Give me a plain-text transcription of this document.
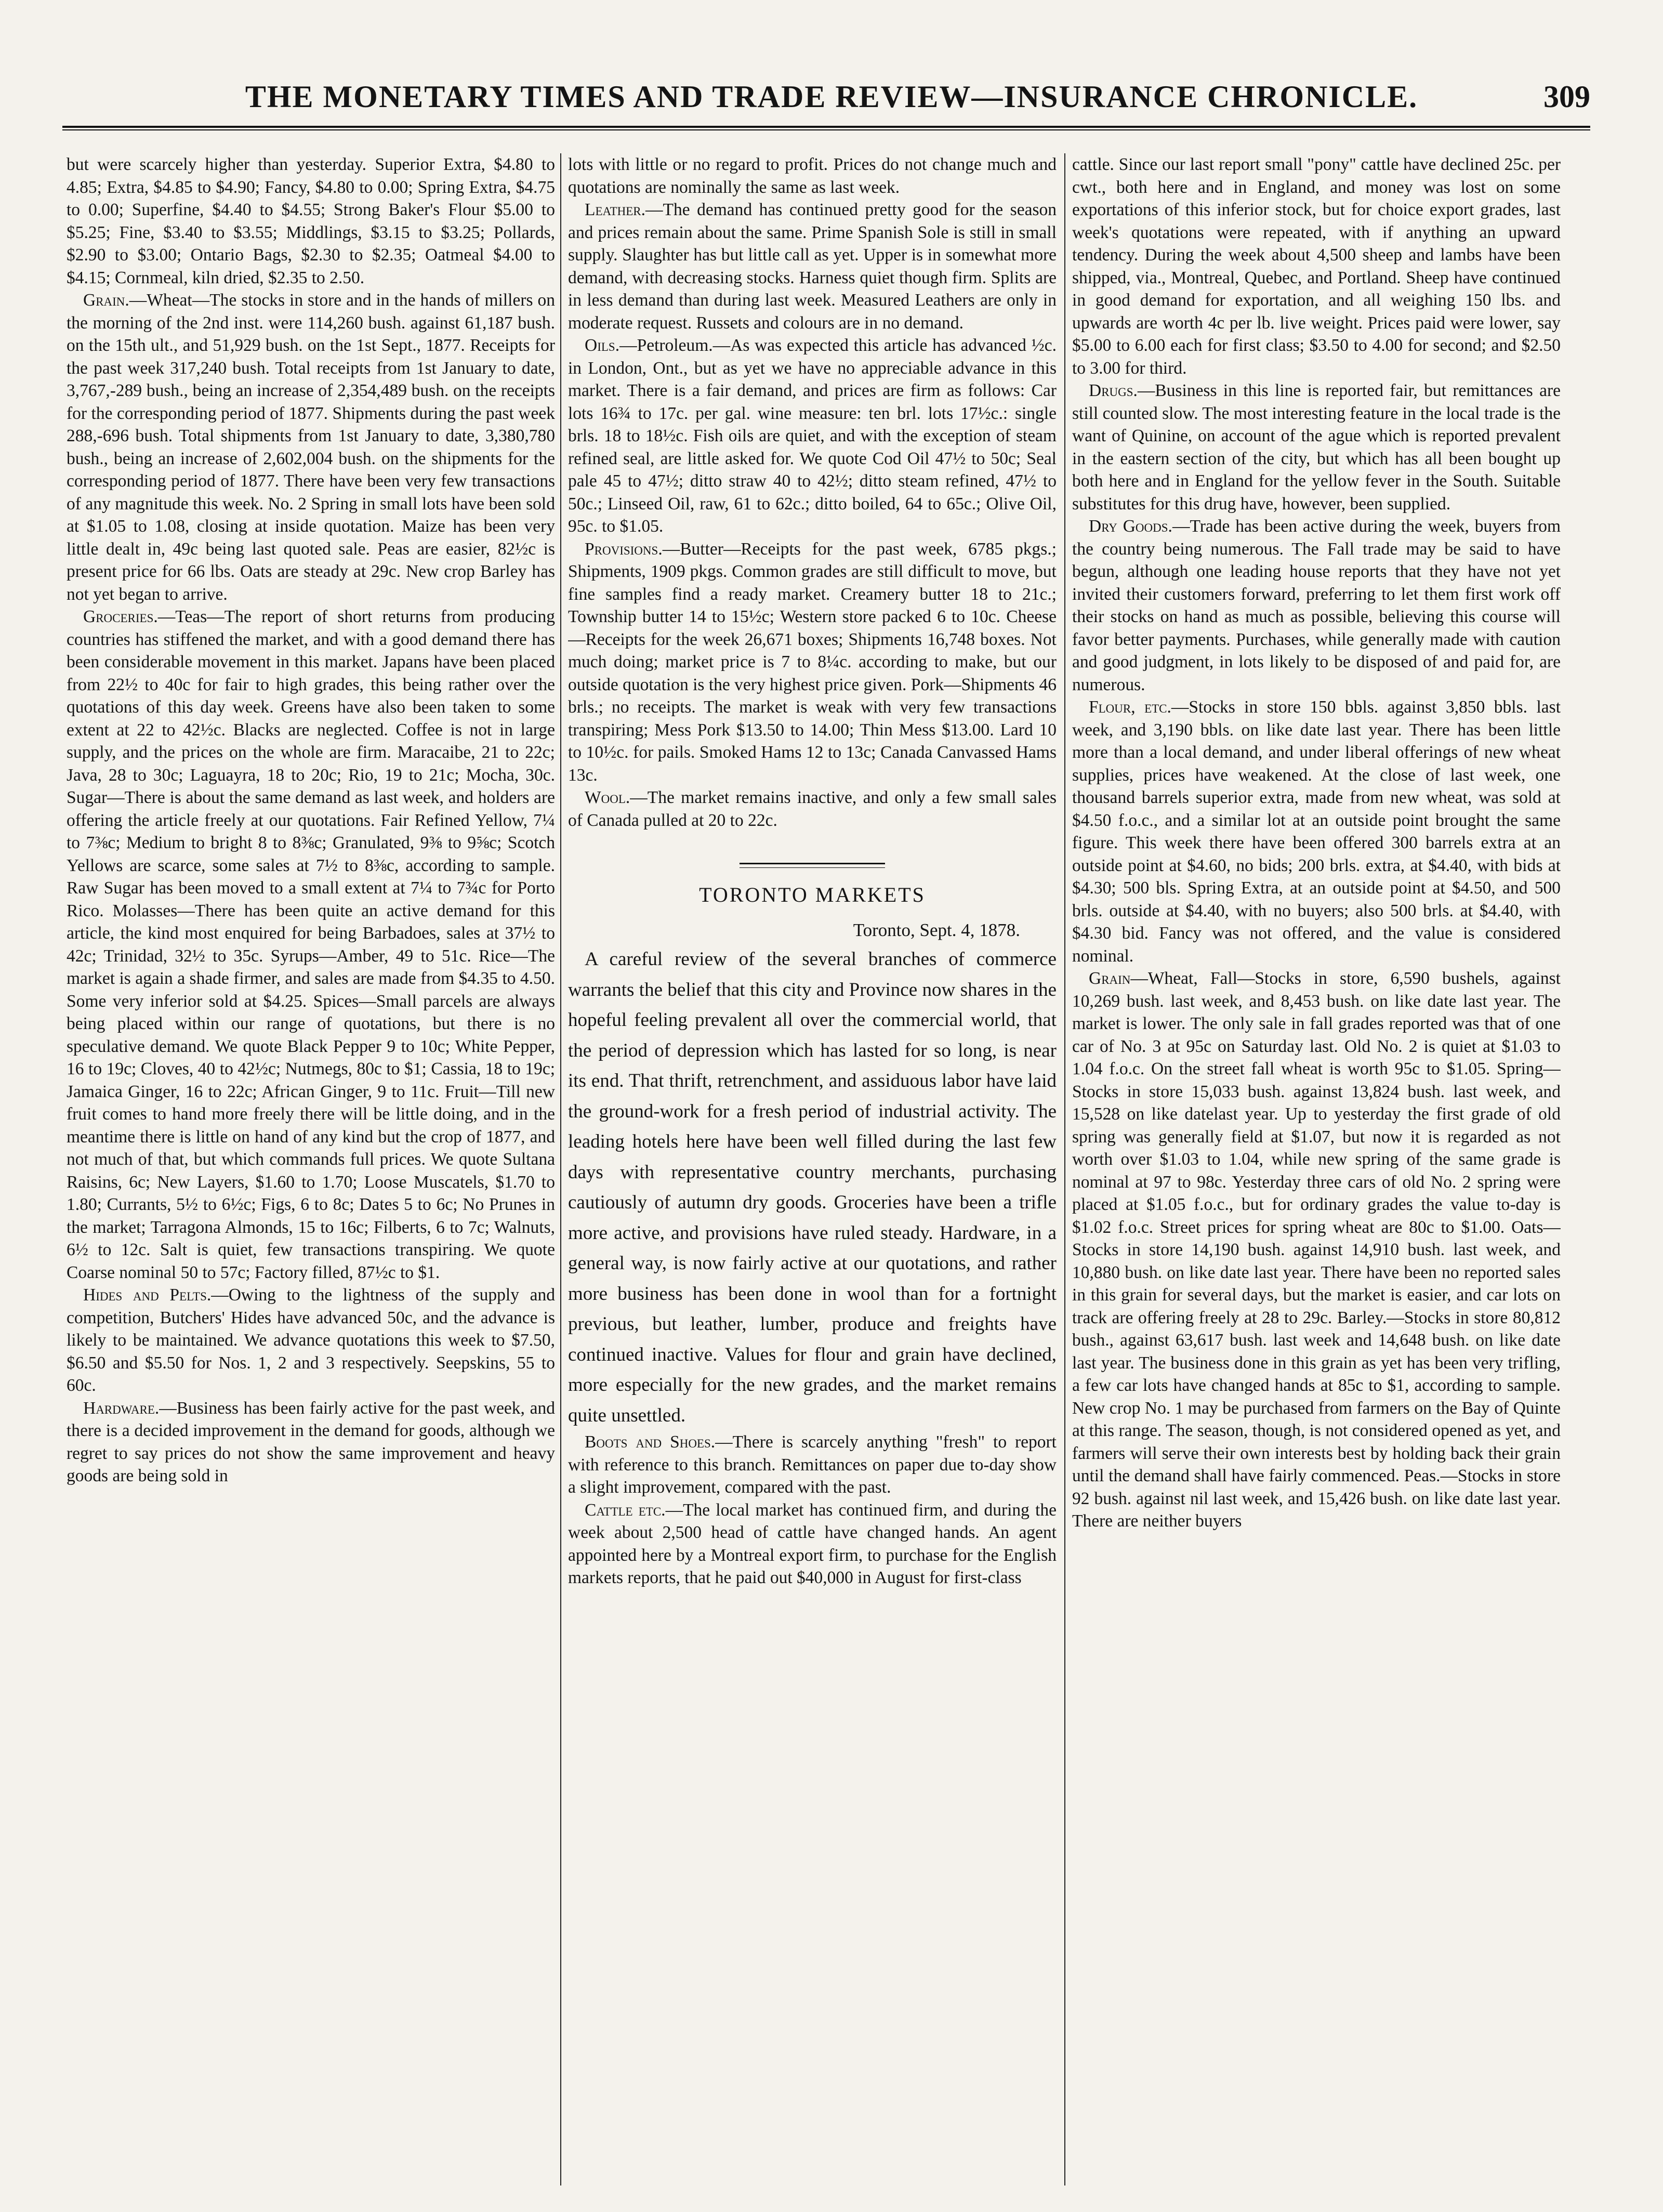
THE MONETARY TIMES AND TRADE REVIEW—INSURANCE CHRONICLE.	309

but were scarcely higher than yesterday. Superior Extra, $4.80 to 4.85; Extra, $4.85 to $4.90; Fancy, $4.80 to 0.00; Spring Extra, $4.75 to 0.00; Superfine, $4.40 to $4.55; Strong Baker's Flour $5.00 to $5.25; Fine, $3.40 to $3.55; Middlings, $3.15 to $3.25; Pollards, $2.90 to $3.00; Ontario Bags, $2.30 to $2.35; Oatmeal $4.00 to $4.15; Cornmeal, kiln dried, $2.35 to 2.50.

Grain.—Wheat—The stocks in store and in the hands of millers on the morning of the 2nd inst. were 114,260 bush. against 61,187 bush. on the 15th ult., and 51,929 bush. on the 1st Sept., 1877. Receipts for the past week 317,240 bush. Total receipts from 1st January to date, 3,767,-289 bush., being an increase of 2,354,489 bush. on the receipts for the corresponding period of 1877. Shipments during the past week 288,-696 bush. Total shipments from 1st January to date, 3,380,780 bush., being an increase of 2,602,004 bush. on the shipments for the corresponding period of 1877. There have been very few transactions of any magnitude this week. No. 2 Spring in small lots have been sold at $1.05 to 1.08, closing at inside quotation. Maize has been very little dealt in, 49c being last quoted sale. Peas are easier, 82½c is present price for 66 lbs. Oats are steady at 29c. New crop Barley has not yet began to arrive.

Groceries.—Teas—The report of short returns from producing countries has stiffened the market, and with a good demand there has been considerable movement in this market. Japans have been placed from 22½ to 40c for fair to high grades, this being rather over the quotations of this day week. Greens have also been taken to some extent at 22 to 42½c. Blacks are neglected. Coffee is not in large supply, and the prices on the whole are firm. Maracaibe, 21 to 22c; Java, 28 to 30c; Laguayra, 18 to 20c; Rio, 19 to 21c; Mocha, 30c. Sugar—There is about the same demand as last week, and holders are offering the article freely at our quotations. Fair Refined Yellow, 7¼ to 7⅜c; Medium to bright 8 to 8⅜c; Granulated, 9⅜ to 9⅝c; Scotch Yellows are scarce, some sales at 7½ to 8⅜c, according to sample. Raw Sugar has been moved to a small extent at 7¼ to 7¾c for Porto Rico. Molasses—There has been quite an active demand for this article, the kind most enquired for being Barbadoes, sales at 37½ to 42c; Trinidad, 32½ to 35c. Syrups—Amber, 49 to 51c. Rice—The market is again a shade firmer, and sales are made from $4.35 to 4.50. Some very inferior sold at $4.25. Spices—Small parcels are always being placed within our range of quotations, but there is no speculative demand. We quote Black Pepper 9 to 10c; White Pepper, 16 to 19c; Cloves, 40 to 42½c; Nutmegs, 80c to $1; Cassia, 18 to 19c; Jamaica Ginger, 16 to 22c; African Ginger, 9 to 11c. Fruit—Till new fruit comes to hand more freely there will be little doing, and in the meantime there is little on hand of any kind but the crop of 1877, and not much of that, but which commands full prices. We quote Sultana Raisins, 6c; New Layers, $1.60 to 1.70; Loose Muscatels, $1.70 to 1.80; Currants, 5½ to 6½c; Figs, 6 to 8c; Dates 5 to 6c; No Prunes in the market; Tarragona Almonds, 15 to 16c; Filberts, 6 to 7c; Walnuts, 6½ to 12c. Salt is quiet, few transactions transpiring. We quote Coarse nominal 50 to 57c; Factory filled, 87½c to $1.

Hides and Pelts.—Owing to the lightness of the supply and competition, Butchers' Hides have advanced 50c, and the advance is likely to be maintained. We advance quotations this week to $7.50, $6.50 and $5.50 for Nos. 1, 2 and 3 respectively. Seepskins, 55 to 60c.

Hardware.—Business has been fairly active for the past week, and there is a decided improvement in the demand for goods, although we regret to say prices do not show the same improvement and heavy goods are being sold in

lots with little or no regard to profit. Prices do not change much and quotations are nominally the same as last week.

Leather.—The demand has continued pretty good for the season and prices remain about the same. Prime Spanish Sole is still in small supply. Slaughter has but little call as yet. Upper is in somewhat more demand, with decreasing stocks. Harness quiet though firm. Splits are in less demand than during last week. Measured Leathers are only in moderate request. Russets and colours are in no demand.

Oils.—Petroleum.—As was expected this article has advanced ½c. in London, Ont., but as yet we have no appreciable advance in this market. There is a fair demand, and prices are firm as follows: Car lots 16¾ to 17c. per gal. wine measure: ten brl. lots 17½c.: single brls. 18 to 18½c. Fish oils are quiet, and with the exception of steam refined seal, are little asked for. We quote Cod Oil 47½ to 50c; Seal pale 45 to 47½; ditto straw 40 to 42½; ditto steam refined, 47½ to 50c.; Linseed Oil, raw, 61 to 62c.; ditto boiled, 64 to 65c.; Olive Oil, 95c. to $1.05.

Provisions.—Butter—Receipts for the past week, 6785 pkgs.; Shipments, 1909 pkgs. Common grades are still difficult to move, but fine samples find a ready market. Creamery butter 18 to 21c.; Township butter 14 to 15½c; Western store packed 6 to 10c. Cheese—Receipts for the week 26,671 boxes; Shipments 16,748 boxes. Not much doing; market price is 7 to 8¼c. according to make, but our outside quotation is the very highest price given. Pork—Shipments 46 brls.; no receipts. The market is weak with very few transactions transpiring; Mess Pork $13.50 to 14.00; Thin Mess $13.00. Lard 10 to 10½c. for pails. Smoked Hams 12 to 13c; Canada Canvassed Hams 13c.

Wool.—The market remains inactive, and only a few small sales of Canada pulled at 20 to 22c.

TORONTO MARKETS
Toronto, Sept. 4, 1878.

A careful review of the several branches of commerce warrants the belief that this city and Province now shares in the hopeful feeling prevalent all over the commercial world, that the period of depression which has lasted for so long, is near its end. That thrift, retrenchment, and assiduous labor have laid the ground-work for a fresh period of industrial activity. The leading hotels here have been well filled during the last few days with representative country merchants, purchasing cautiously of autumn dry goods. Groceries have been a trifle more active, and provisions have ruled steady. Hardware, in a general way, is now fairly active at our quotations, and rather more business has been done in wool than for a fortnight previous, but leather, lumber, produce and freights have continued inactive. Values for flour and grain have declined, more especially for the new grades, and the market remains quite unsettled.

Boots and Shoes.—There is scarcely anything "fresh" to report with reference to this branch. Remittances on paper due to-day show a slight improvement, compared with the past.

Cattle etc.—The local market has continued firm, and during the week about 2,500 head of cattle have changed hands. An agent appointed here by a Montreal export firm, to purchase for the English markets reports, that he paid out $40,000 in August for first-class

cattle. Since our last report small "pony" cattle have declined 25c. per cwt., both here and in England, and money was lost on some exportations of this inferior stock, but for choice export grades, last week's quotations were repeated, with if anything an upward tendency. During the week about 4,500 sheep and lambs have been shipped, via., Montreal, Quebec, and Portland. Sheep have continued in good demand for exportation, and all weighing 150 lbs. and upwards are worth 4c per lb. live weight. Prices paid were lower, say $5.00 to 6.00 each for first class; $3.50 to 4.00 for second; and $2.50 to 3.00 for third.

Drugs.—Business in this line is reported fair, but remittances are still counted slow. The most interesting feature in the local trade is the want of Quinine, on account of the ague which is reported prevalent in the eastern section of the city, but which has all been bought up both here and in England for the yellow fever in the South. Suitable substitutes for this drug have, however, been supplied.

Dry Goods.—Trade has been active during the week, buyers from the country being numerous. The Fall trade may be said to have begun, although one leading house reports that they have not yet invited their customers forward, preferring to let them first work off their stocks on hand as much as possible, believing this course will favor better payments. Purchases, while generally made with caution and good judgment, in lots likely to be disposed of and paid for, are numerous.

Flour, etc.—Stocks in store 150 bbls. against 3,850 bbls. last week, and 3,190 bbls. on like date last year. There has been little more than a local demand, and under liberal offerings of new wheat supplies, prices have weakened. At the close of last week, one thousand barrels superior extra, made from new wheat, was sold at $4.50 f.o.c., and a similar lot at an outside point brought the same figure. This week there have been offered 300 barrels extra at an outside point at $4.60, no bids; 200 brls. extra, at $4.40, with bids at $4.30; 500 bls. Spring Extra, at an outside point at $4.50, and 500 brls. outside at $4.40, with no buyers; also 500 brls. at $4.40, with $4.30 bid. Fancy was not offered, and the value is considered nominal.

Grain—Wheat, Fall—Stocks in store, 6,590 bushels, against 10,269 bush. last week, and 8,453 bush. on like date last year. The market is lower. The only sale in fall grades reported was that of one car of No. 3 at 95c on Saturday last. Old No. 2 is quiet at $1.03 to 1.04 f.o.c. On the street fall wheat is worth 95c to $1.05. Spring—Stocks in store 15,033 bush. against 13,824 bush. last week, and 15,528 on like datelast year. Up to yesterday the first grade of old spring was generally field at $1.07, but now it is regarded as not worth over $1.03 to 1.04, while new spring of the same grade is nominal at 97 to 98c. Yesterday three cars of old No. 2 spring were placed at $1.05 f.o.c., but for ordinary grades the value to-day is $1.02 f.o.c. Street prices for spring wheat are 80c to $1.00. Oats—Stocks in store 14,190 bush. against 14,910 bush. last week, and 10,880 bush. on like date last year. There have been no reported sales in this grain for several days, but the market is easier, and car lots on track are offering freely at 28 to 29c. Barley.—Stocks in store 80,812 bush., against 63,617 bush. last week and 14,648 bush. on like date last year. The business done in this grain as yet has been very trifling, a few car lots have changed hands at 85c to $1, according to sample. New crop No. 1 may be purchased from farmers on the Bay of Quinte at this range. The season, though, is not considered opened as yet, and farmers will serve their own interests best by holding back their grain until the demand shall have fairly commenced. Peas.—Stocks in store 92 bush. against nil last week, and 15,426 bush. on like date last year. There are neither buyers
